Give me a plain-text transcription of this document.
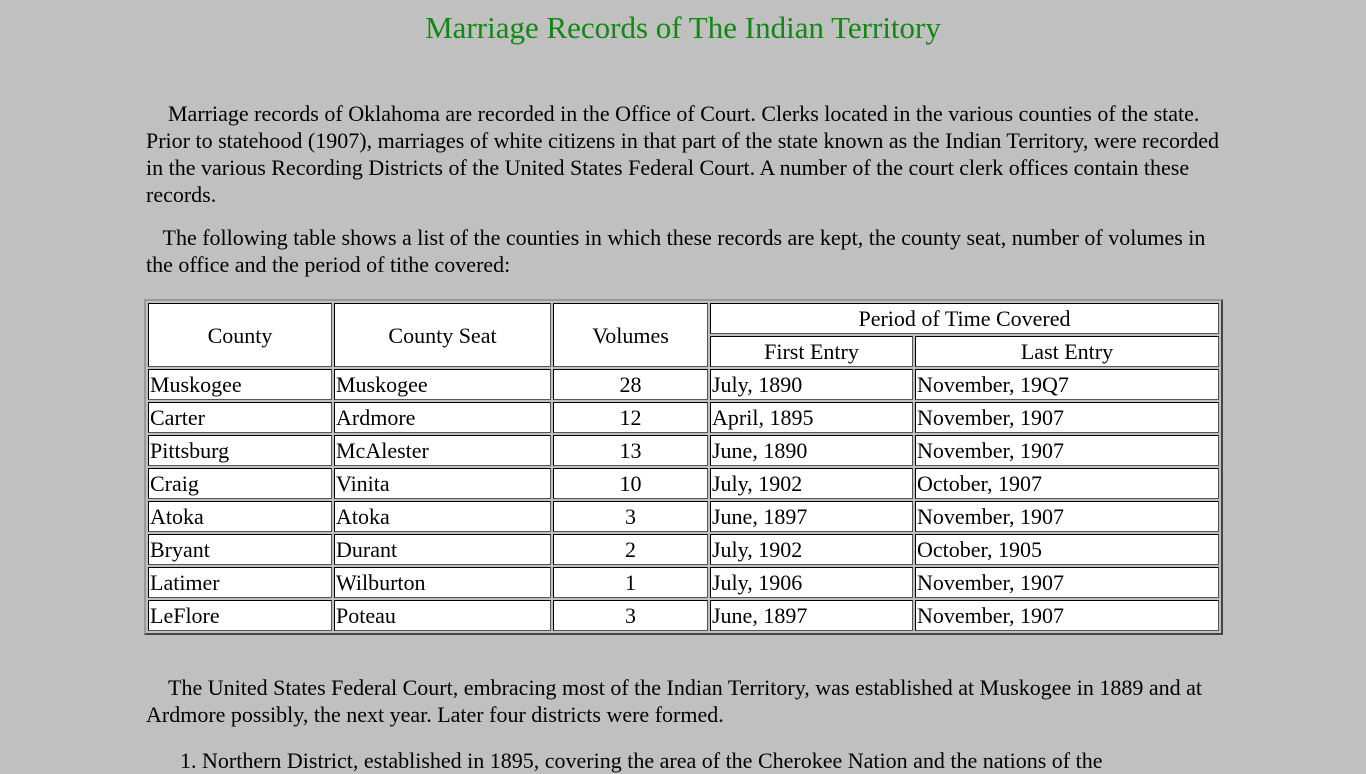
Marriage Records of The Indian Territory

Marriage records of Oklahoma are recorded in the Office of Court. Clerks located in the various counties of the state. Prior to statehood (1907), marriages of white citizens in that part of the state known as the Indian Territory, were recorded in the various Recording Districts of the United States Federal Court. A number of the court clerk offices contain these records.

The following table shows a list of the counties in which these records are kept, the county seat, number of volumes in the office and the period of tithe covered:

County	County Seat	Volumes	Period of Time Covered	
			First Entry	Last Entry
Muskogee	Muskogee	28	July, 1890	November, 19Q7
Carter	Ardmore	12	April, 1895	November, 1907
Pittsburg	McAlester	13	June, 1890	November, 1907
Craig	Vinita	10	July, 1902	October, 1907
Atoka	Atoka	3	June, 1897	November, 1907
Bryant	Durant	2	July, 1902	October, 1905
Latimer	Wilburton	1	July, 1906	November, 1907
LeFlore	Poteau	3	June, 1897	November, 1907

The United States Federal Court, embracing most of the Indian Territory, was established at Muskogee in 1889 and at Ardmore possibly, the next year. Later four districts were formed.

1. Northern District, established in 1895, covering the area of the Cherokee Nation and the nations of the
